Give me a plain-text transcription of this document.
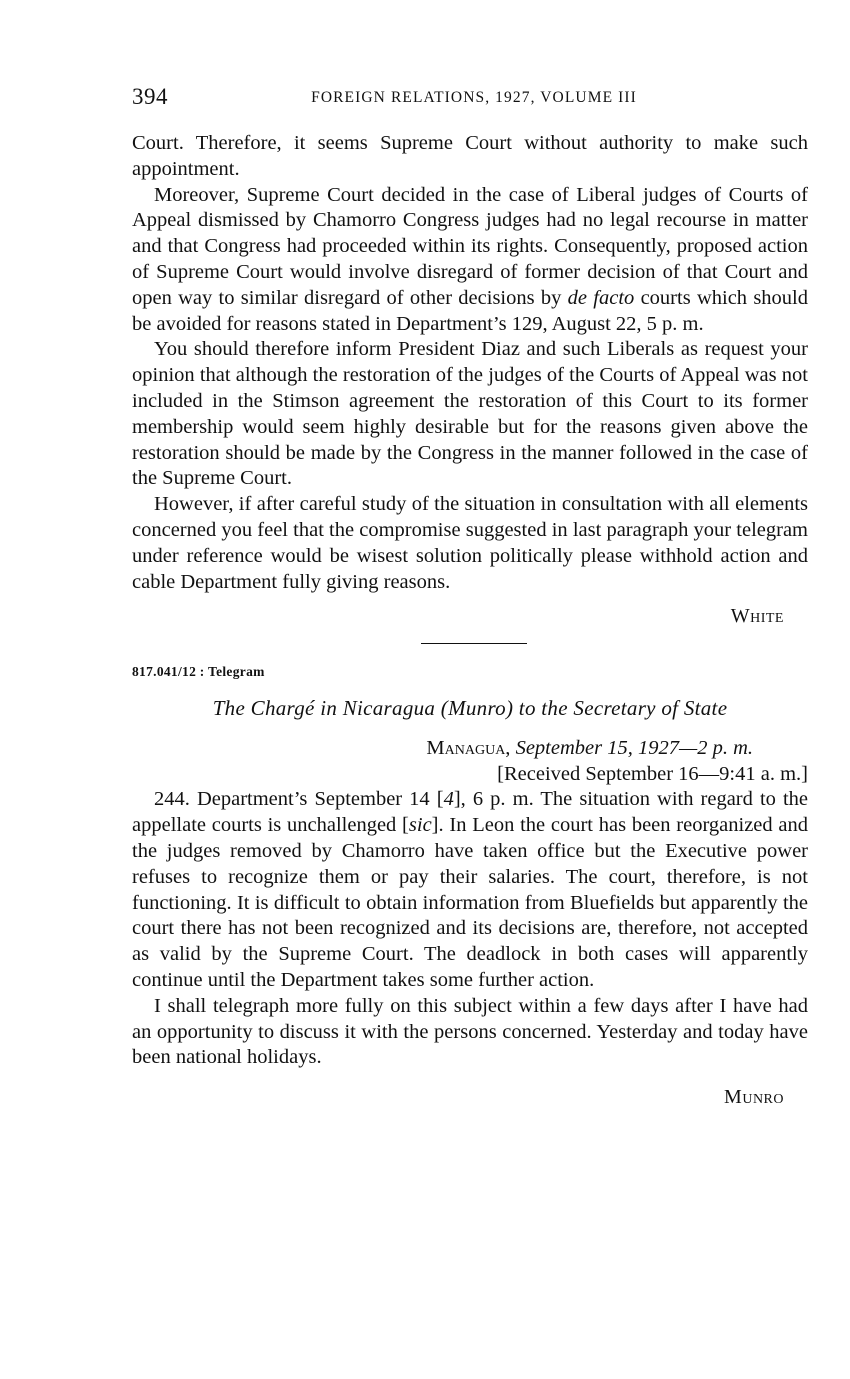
394	FOREIGN RELATIONS, 1927, VOLUME III

Court. Therefore, it seems Supreme Court without authority to make such appointment.

Moreover, Supreme Court decided in the case of Liberal judges of Courts of Appeal dismissed by Chamorro Congress judges had no legal recourse in matter and that Congress had proceeded within its rights. Consequently, proposed action of Supreme Court would involve disregard of former decision of that Court and open way to similar disregard of other decisions by de facto courts which should be avoided for reasons stated in Department’s 129, August 22, 5 p. m.

You should therefore inform President Diaz and such Liberals as request your opinion that although the restoration of the judges of the Courts of Appeal was not included in the Stimson agreement the restoration of this Court to its former membership would seem highly desirable but for the reasons given above the restoration should be made by the Congress in the manner followed in the case of the Supreme Court.

However, if after careful study of the situation in consultation with all elements concerned you feel that the compromise suggested in last paragraph your telegram under reference would be wisest solution politically please withhold action and cable Department fully giving reasons.

White
817.041/12 : Telegram
The Chargé in Nicaragua (Munro) to the Secretary of State
Managua, September 15, 1927—2 p. m.
[Received September 16—9:41 a. m.]

244. Department’s September 14 [4], 6 p. m. The situation with regard to the appellate courts is unchallenged [sic]. In Leon the court has been reorganized and the judges removed by Chamorro have taken office but the Executive power refuses to recognize them or pay their salaries. The court, therefore, is not functioning. It is difficult to obtain information from Bluefields but apparently the court there has not been recognized and its decisions are, therefore, not accepted as valid by the Supreme Court. The deadlock in both cases will apparently continue until the Department takes some further action.

I shall telegraph more fully on this subject within a few days after I have had an opportunity to discuss it with the persons concerned. Yesterday and today have been national holidays.

Munro
